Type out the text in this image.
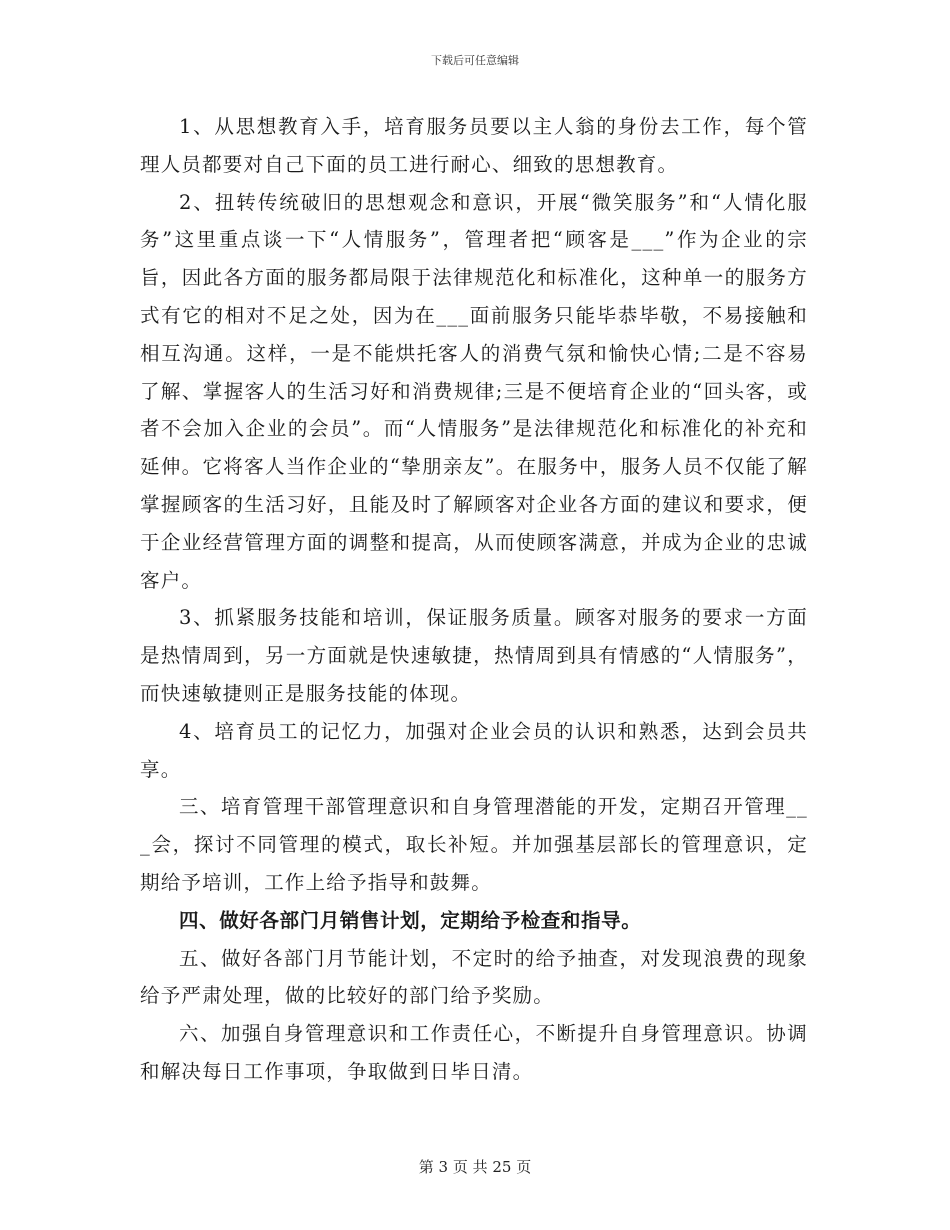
下载后可任意编辑

1、从思想教育入手，培育服务员要以主人翁的身份去工作，每个管理人员都要对自己下面的员工进行耐心、细致的思想教育。

2、扭转传统破旧的思想观念和意识，开展“微笑服务”和“人情化服务”这里重点谈一下“人情服务”，管理者把“顾客是___”作为企业的宗旨，因此各方面的服务都局限于法律规范化和标准化，这种单一的服务方式有它的相对不足之处，因为在___面前服务只能毕恭毕敬，不易接触和相互沟通。这样，一是不能烘托客人的消费气氛和愉快心情;二是不容易了解、掌握客人的生活习好和消费规律;三是不便培育企业的“回头客，或者不会加入企业的会员”。而“人情服务”是法律规范化和标准化的补充和延伸。它将客人当作企业的“挚朋亲友”。在服务中，服务人员不仅能了解掌握顾客的生活习好，且能及时了解顾客对企业各方面的建议和要求，便于企业经营管理方面的调整和提高，从而使顾客满意，并成为企业的忠诚客户。

3、抓紧服务技能和培训，保证服务质量。顾客对服务的要求一方面是热情周到，另一方面就是快速敏捷，热情周到具有情感的“人情服务”，而快速敏捷则正是服务技能的体现。

4、培育员工的记忆力，加强对企业会员的认识和熟悉，达到会员共享。

三、培育管理干部管理意识和自身管理潜能的开发，定期召开管理___会，探讨不同管理的模式，取长补短。并加强基层部长的管理意识，定期给予培训，工作上给予指导和鼓舞。

四、做好各部门月销售计划，定期给予检查和指导。

五、做好各部门月节能计划，不定时的给予抽查，对发现浪费的现象给予严肃处理，做的比较好的部门给予奖励。

六、加强自身管理意识和工作责任心，不断提升自身管理意识。协调和解决每日工作事项，争取做到日毕日清。

第 3 页 共 25 页
